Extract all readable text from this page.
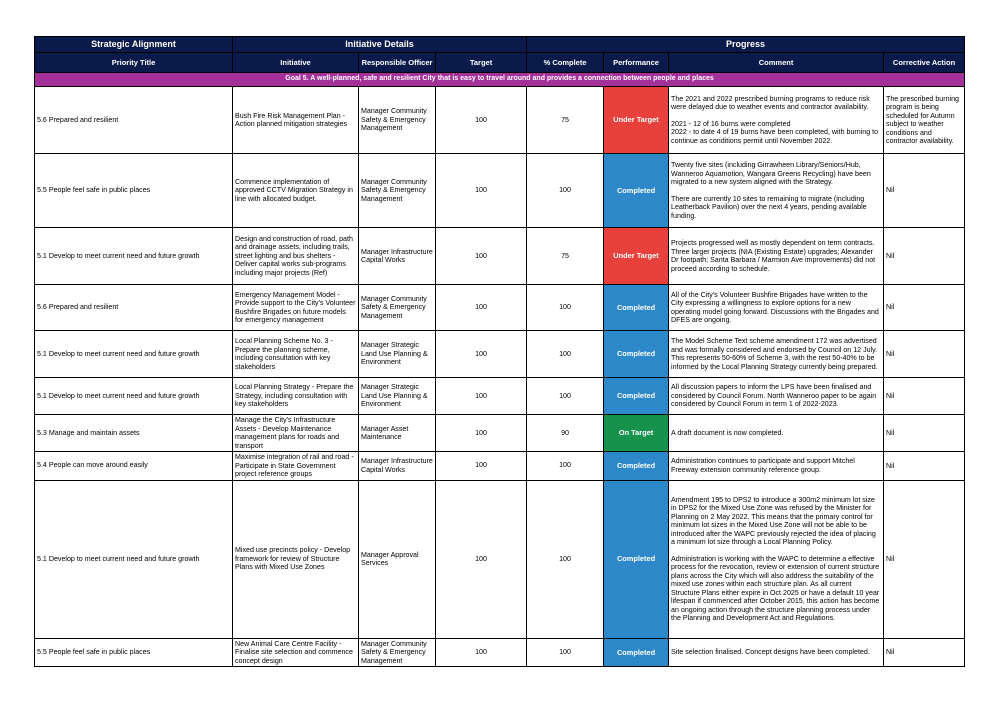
Strategic Alignment	Initiative Details			Progress			
Priority Title	Initiative	Responsible Officer	Target	% Complete	Performance	Comment	Corrective Action
Goal 5. A well-planned, safe and resilient City that is easy to travel around and provides a connection between people and places							
5.6 Prepared and resilient	Bush Fire Risk Management Plan - Action planned mitigation strategies	Manager Community Safety & Emergency Management	100	75	Under Target	The 2021 and 2022 prescribed burning programs to reduce risk were delayed due to weather events and contractor availability.
2021 - 12 of 16 burns were completed
2022 - to date 4 of 19 burns have been completed, with burning to continue as conditions permit until November 2022.	The prescribed burning program is being scheduled for Autumn subject to weather conditions and contractor availability.
5.5 People feel safe in public places	Commence implementation of approved CCTV Migration Strategy in line with allocated budget.	Manager Community Safety & Emergency Management	100	100	Completed	Twenty five sites (including Girrawheen Library/Seniors/Hub, Wanneroo Aquamotion, Wangara Greens Recycling) have been migrated to a new system aligned with the Strategy.
There are currently 10 sites to remaining to migrate (including Leatherback Pavilion) over the next 4 years, pending available funding.	Nil
5.1 Develop to meet current need and future growth	Design and construction of road, path and drainage assets, including trails, street lighting and bus shelters - Deliver capital works sub-programs including major projects (Ref)	Manager Infrastructure Capital Works	100	75	Under Target	Projects progressed well as mostly dependent on term contracts. Three larger projects (NIA (Existing Estate) upgrades; Alexander Dr footpath; Santa Barbara / Marmion Ave improvements) did not proceed according to schedule.	Nil
5.6 Prepared and resilient	Emergency Management Model - Provide support to the City's Volunteer Bushfire Brigades on future models for emergency management	Manager Community Safety & Emergency Management	100	100	Completed	All of the City's Volunteer Bushfire Brigades have written to the City expressing a willingness to explore options for a new operating model going forward. Discussions with the Brigades and DFES are ongoing.	Nil
5.1 Develop to meet current need and future growth	Local Planning Scheme No. 3 - Prepare the planning scheme, including consultation with key stakeholders	Manager Strategic Land Use Planning & Environment	100	100	Completed	The Model Scheme Text scheme amendment 172 was advertised and was formally considered and endorsed by Council on 12 July. This represents 50-60% of Scheme 3, with the rest 50-40% to be informed by the Local Planning Strategy currently being prepared.	Nil
5.1 Develop to meet current need and future growth	Local Planning Strategy - Prepare the Strategy, including consultation with key stakeholders	Manager Strategic Land Use Planning & Environment	100	100	Completed	All discussion papers to inform the LPS have been finalised and considered by Council Forum. North Wanneroo paper to be again considered by Council Forum in term 1 of 2022-2023.	Nil
5.3 Manage and maintain assets	Manage the City's Infrastructure Assets - Develop Maintenance management plans for roads and transport	Manager Asset Maintenance	100	90	On Target	A draft document is now completed.	Nil
5.4 People can move around easily	Maximise integration of rail and road - Participate in State Government project reference groups	Manager Infrastructure Capital Works	100	100	Completed	Administration continues to participate and support Mitchel Freeway extension community reference group.	Nil
5.1 Develop to meet current need and future growth	Mixed use precincts policy - Develop framework for review of Structure Plans with Mixed Use Zones	Manager Approval Services	100	100	Completed	Amendment 195 to DPS2 to introduce a 300m2 minimum lot size in DPS2 for the Mixed Use Zone was refused by the Minister for Planning on 2 May 2022. This means that the primary control for minimum lot sizes in the Mixed Use Zone will not be able to be introduced after the WAPC previously rejected the idea of placing a minimum lot size through a Local Planning Policy.
Administration is working with the WAPC to determine a effective process for the revocation, review or extension of current structure plans across the City which will also address the suitability of the mixed use zones within each structure plan. As all current Structure Plans either expire in Oct 2025 or have a default 10 year lifespan if commenced after October 2015, this action has become an ongoing action through the structure planning process under the Planning and Development Act and Regulations.	Nil
5.5 People feel safe in public places	New Animal Care Centre Facility - Finalise site selection and commence concept design	Manager Community Safety & Emergency Management	100	100	Completed	Site selection finalised. Concept designs have been completed.	Nil
